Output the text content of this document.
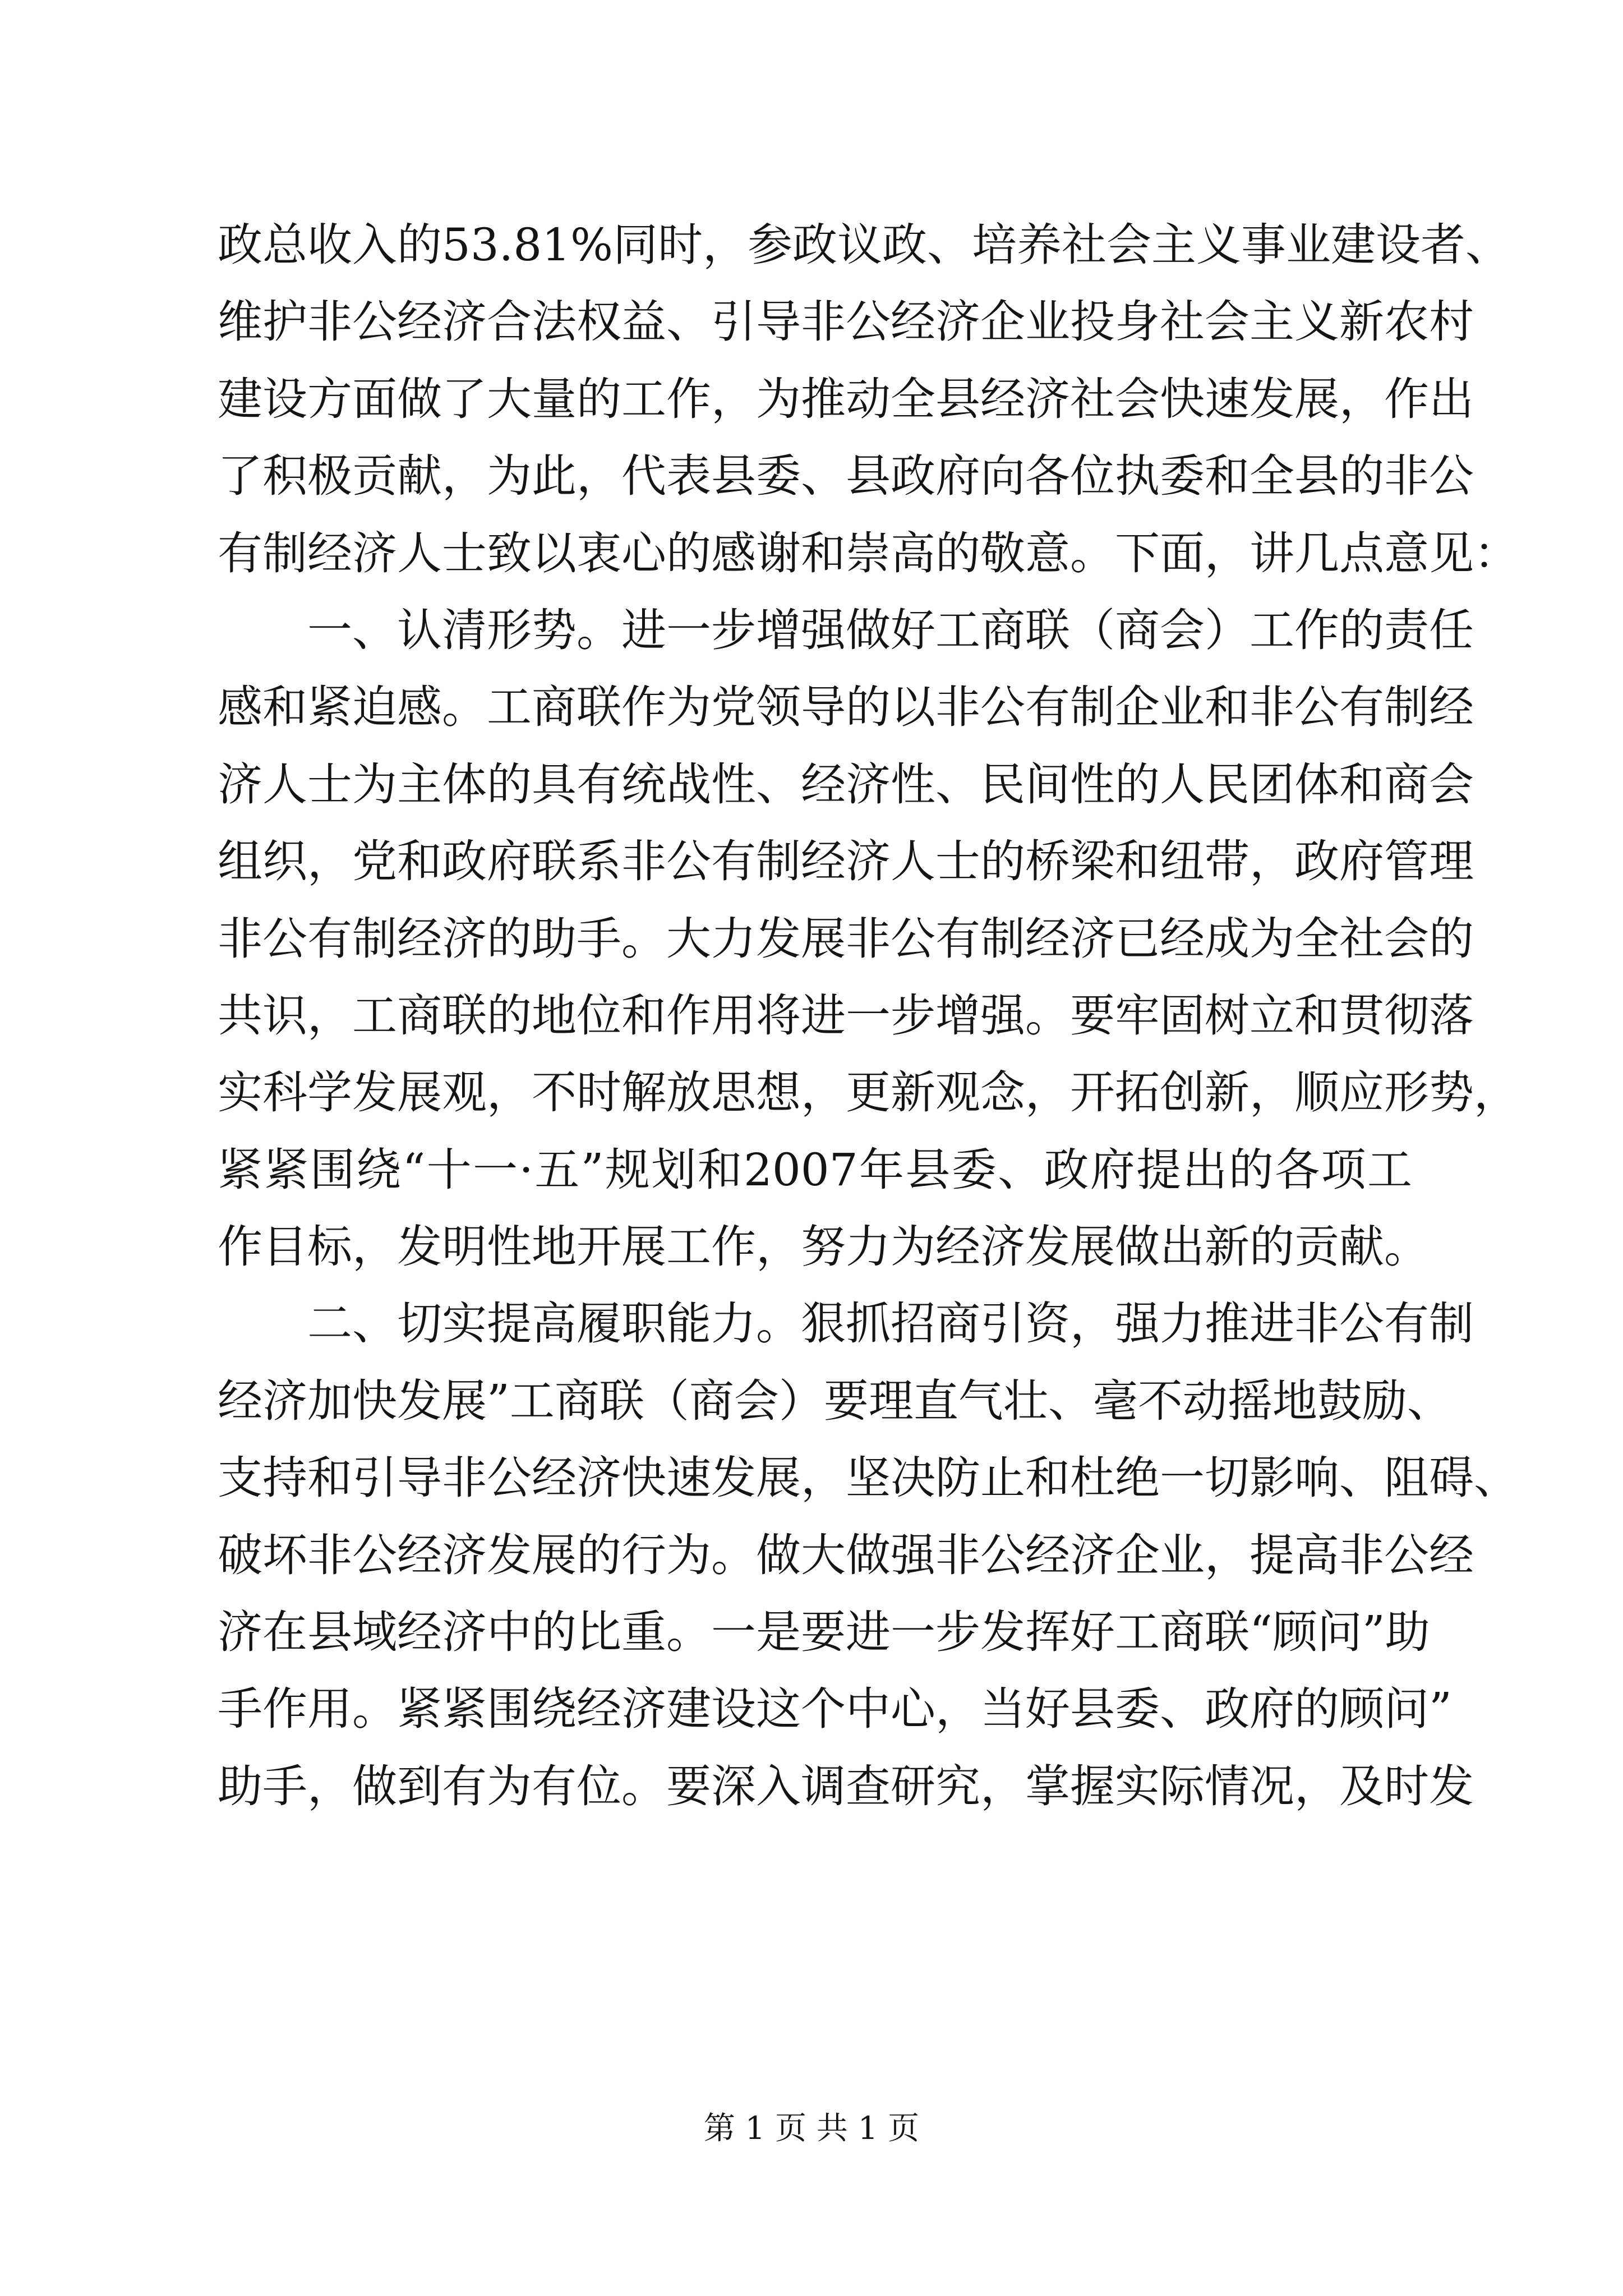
政总收入的53.81%同时，参政议政、培养社会主义事业建设者、
维护非公经济合法权益、引导非公经济企业投身社会主义新农村
建设方面做了大量的工作，为推动全县经济社会快速发展，作出
了积极贡献，为此，代表县委、县政府向各位执委和全县的非公
有制经济人士致以衷心的感谢和崇高的敬意。下面，讲几点意见：
一、认清形势。进一步增强做好工商联（商会）工作的责任
感和紧迫感。工商联作为党领导的以非公有制企业和非公有制经
济人士为主体的具有统战性、经济性、民间性的人民团体和商会
组织，党和政府联系非公有制经济人士的桥梁和纽带，政府管理
非公有制经济的助手。大力发展非公有制经济已经成为全社会的
共识，工商联的地位和作用将进一步增强。要牢固树立和贯彻落
实科学发展观，不时解放思想，更新观念，开拓创新，顺应形势，
紧紧围绕“十一·五”规划和2007年县委、政府提出的各项工
作目标，发明性地开展工作，努力为经济发展做出新的贡献。
二、切实提高履职能力。狠抓招商引资，强力推进非公有制
经济加快发展”工商联（商会）要理直气壮、毫不动摇地鼓励、
支持和引导非公经济快速发展，坚决防止和杜绝一切影响、阻碍、
破坏非公经济发展的行为。做大做强非公经济企业，提高非公经
济在县域经济中的比重。一是要进一步发挥好工商联“顾问”助
手作用。紧紧围绕经济建设这个中心，当好县委、政府的顾问”
助手，做到有为有位。要深入调查研究，掌握实际情况，及时发
第 1 页 共 1 页
